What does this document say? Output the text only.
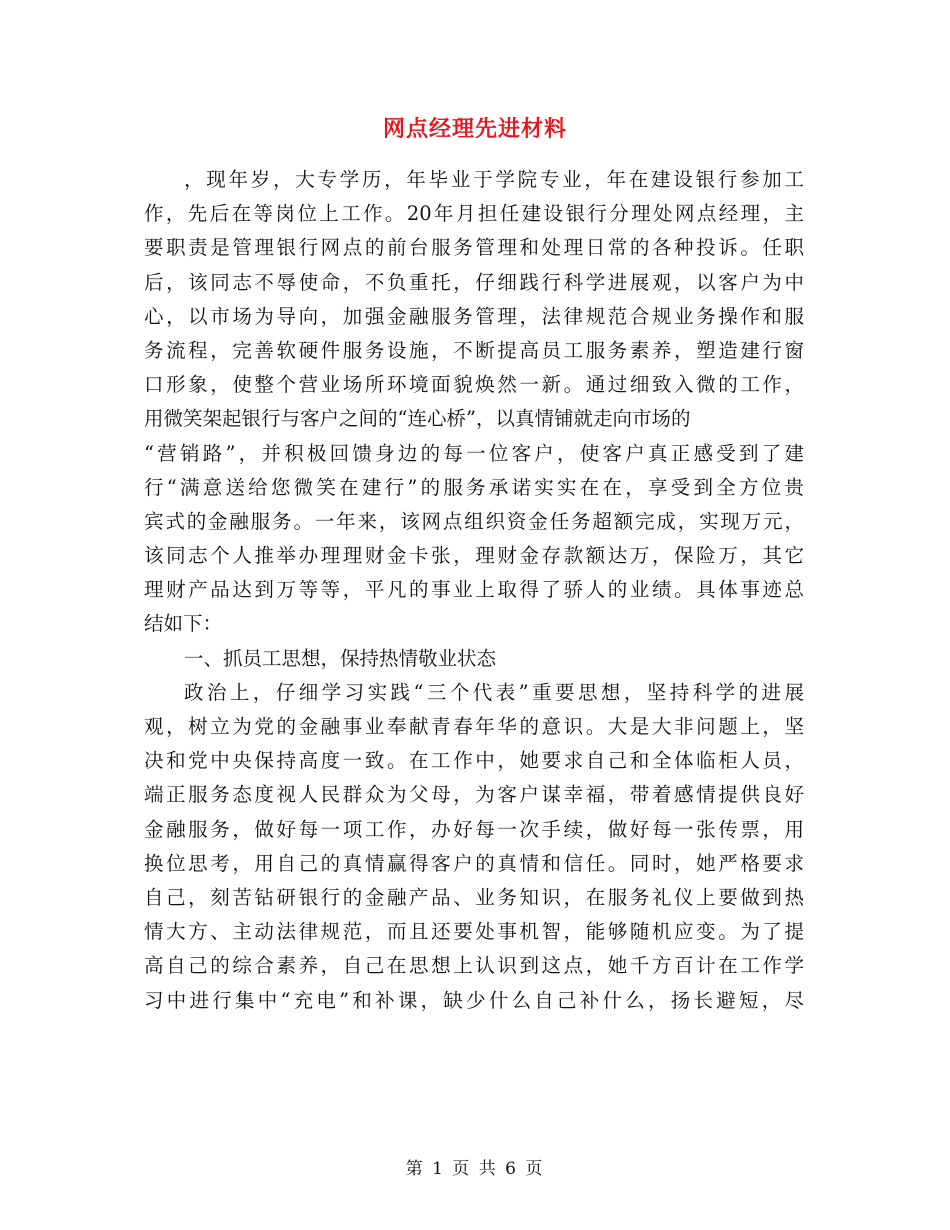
网点经理先进材料
，现年岁，大专学历，年毕业于学院专业，年在建设银行参加工
作，先后在等岗位上工作。20年月担任建设银行分理处网点经理，主
要职责是管理银行网点的前台服务管理和处理日常的各种投诉。任职
后，该同志不辱使命，不负重托，仔细践行科学进展观，以客户为中
心，以市场为导向，加强金融服务管理，法律规范合规业务操作和服
务流程，完善软硬件服务设施，不断提高员工服务素养，塑造建行窗
口形象，使整个营业场所环境面貌焕然一新。通过细致入微的工作，
用微笑架起银行与客户之间的“连心桥”，以真情铺就走向市场的
“营销路”，并积极回馈身边的每一位客户，使客户真正感受到了建
行“满意送给您微笑在建行”的服务承诺实实在在，享受到全方位贵
宾式的金融服务。一年来，该网点组织资金任务超额完成，实现万元，
该同志个人推举办理理财金卡张，理财金存款额达万，保险万，其它
理财产品达到万等等，平凡的事业上取得了骄人的业绩。具体事迹总
结如下：
一、抓员工思想，保持热情敬业状态
政治上，仔细学习实践“三个代表”重要思想，坚持科学的进展
观，树立为党的金融事业奉献青春年华的意识。大是大非问题上，坚
决和党中央保持高度一致。在工作中，她要求自己和全体临柜人员，
端正服务态度视人民群众为父母，为客户谋幸福，带着感情提供良好
金融服务，做好每一项工作，办好每一次手续，做好每一张传票，用
换位思考，用自己的真情赢得客户的真情和信任。同时，她严格要求
自己，刻苦钻研银行的金融产品、业务知识，在服务礼仪上要做到热
情大方、主动法律规范，而且还要处事机智，能够随机应变。为了提
高自己的综合素养，自己在思想上认识到这点，她千方百计在工作学
习中进行集中“充电”和补课，缺少什么自己补什么，扬长避短，尽
第 1 页 共 6 页
